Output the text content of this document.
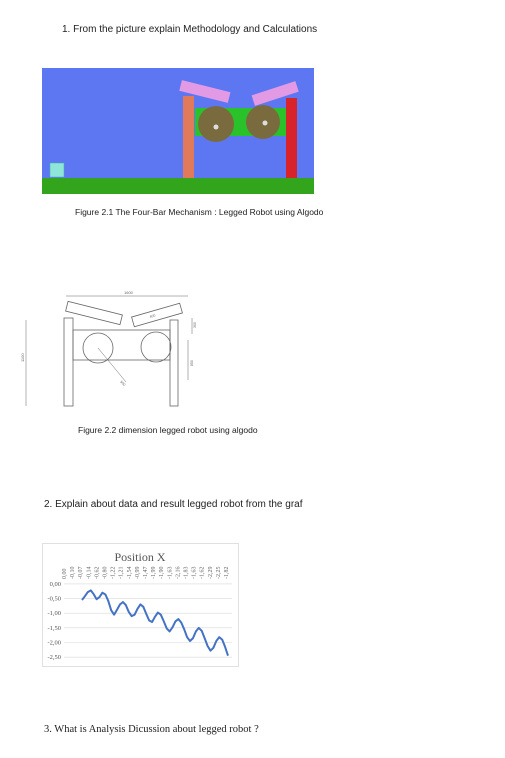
1. From the picture explain Methodology and Calculations
Figure 2.1 The Four-Bar Mechanism : Legged Robot using Algodo
1600
1100
500
400
300
850
Figure 2.2 dimension legged robot using algodo
2. Explain about data and result legged robot from the graf
Position X
0,00
-0,50
-1,00
-1,50
-2,00
-2,50
0,00 -0,10 -0,07 -0,14 -0,62 -0,80 -1,22 -1,21 -1,54 -0,99 -1,47 -1,99 -1,90 -1,63 -2,16 -1,83 -1,63 -1,62 -2,29 -2,25 -1,82
3. What is Analysis Dicussion about legged robot ?
